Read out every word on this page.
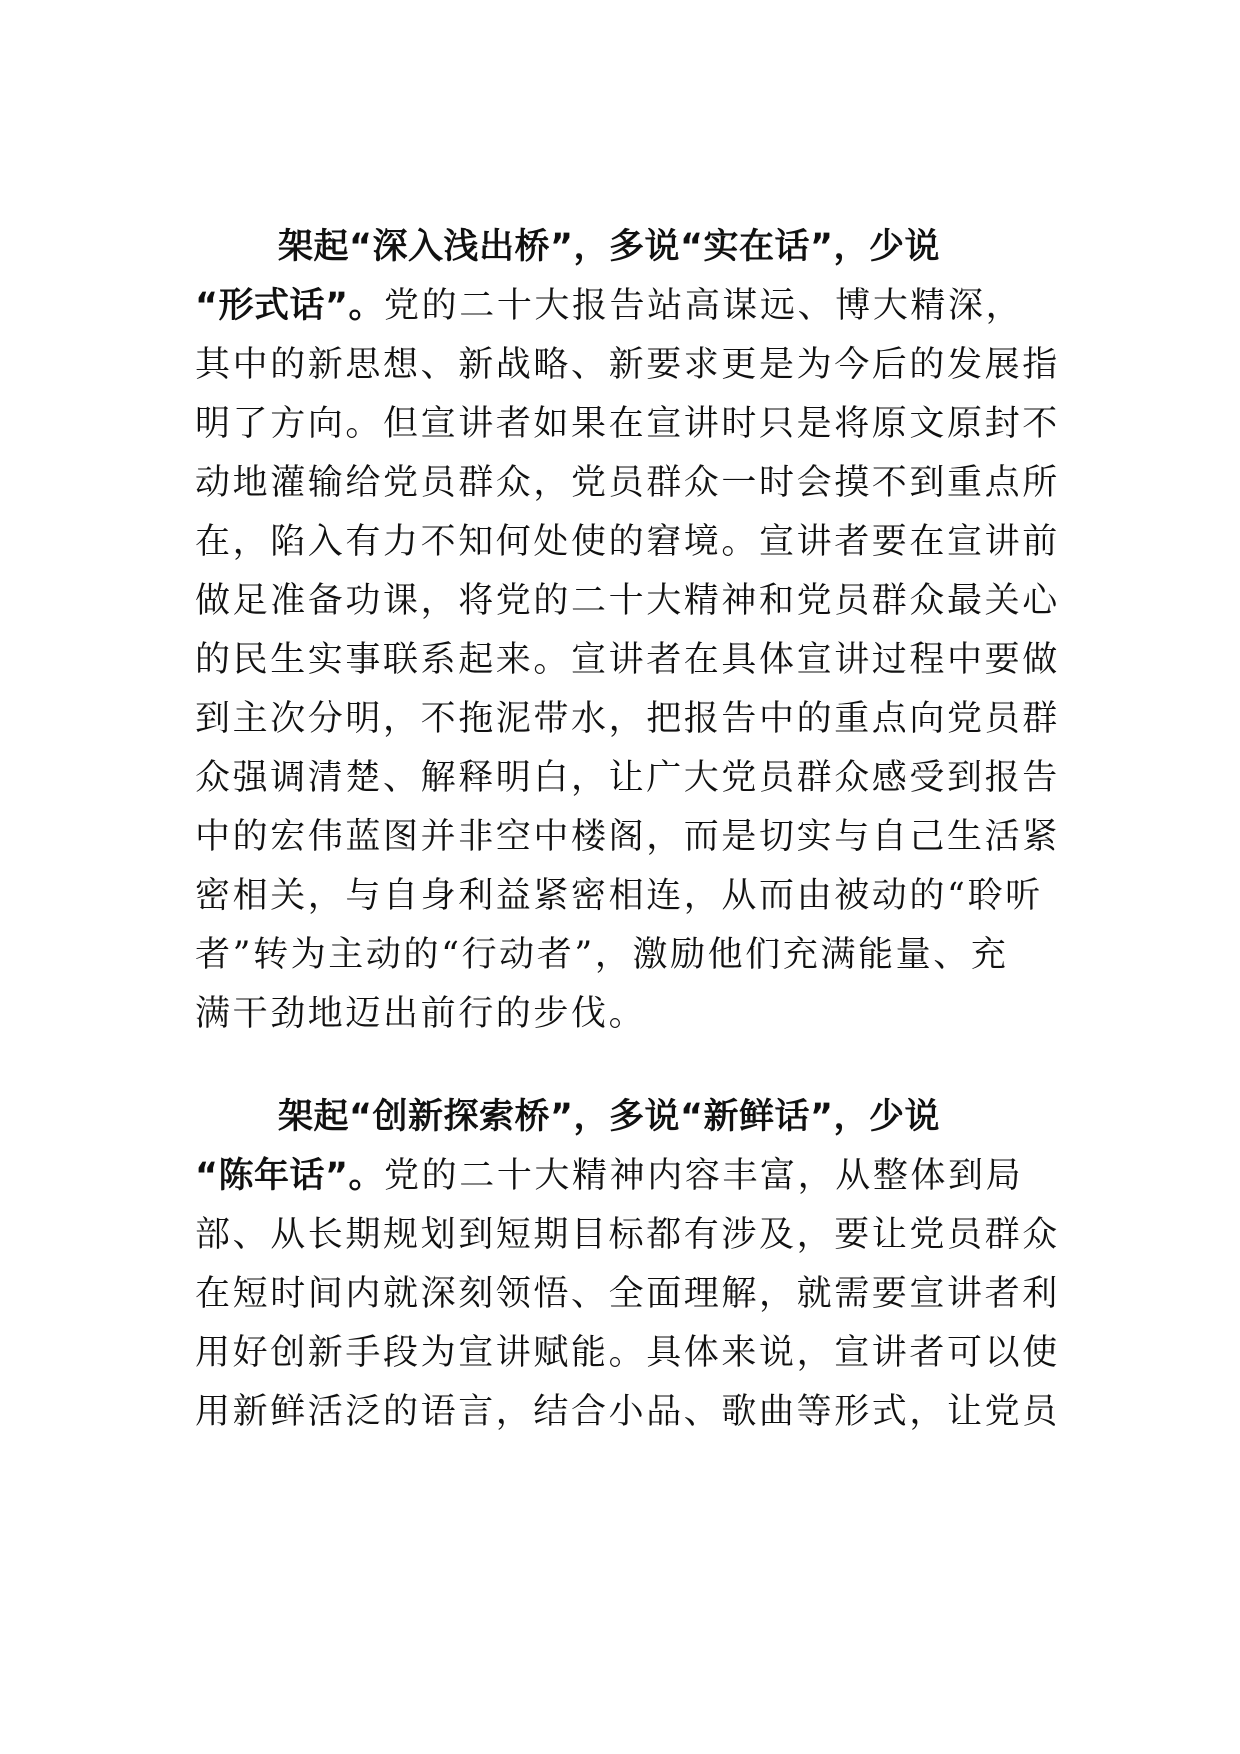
架起“深入浅出桥”，多说“实在话”，少说
“形式话”。党的二十大报告站高谋远、博大精深，
其中的新思想、新战略、新要求更是为今后的发展指
明了方向。但宣讲者如果在宣讲时只是将原文原封不
动地灌输给党员群众，党员群众一时会摸不到重点所
在，陷入有力不知何处使的窘境。宣讲者要在宣讲前
做足准备功课，将党的二十大精神和党员群众最关心
的民生实事联系起来。宣讲者在具体宣讲过程中要做
到主次分明，不拖泥带水，把报告中的重点向党员群
众强调清楚、解释明白，让广大党员群众感受到报告
中的宏伟蓝图并非空中楼阁，而是切实与自己生活紧
密相关，与自身利益紧密相连，从而由被动的“聆听
者”转为主动的“行动者”，激励他们充满能量、充
满干劲地迈出前行的步伐。
架起“创新探索桥”，多说“新鲜话”，少说
“陈年话”。党的二十大精神内容丰富，从整体到局
部、从长期规划到短期目标都有涉及，要让党员群众
在短时间内就深刻领悟、全面理解，就需要宣讲者利
用好创新手段为宣讲赋能。具体来说，宣讲者可以使
用新鲜活泛的语言，结合小品、歌曲等形式，让党员
